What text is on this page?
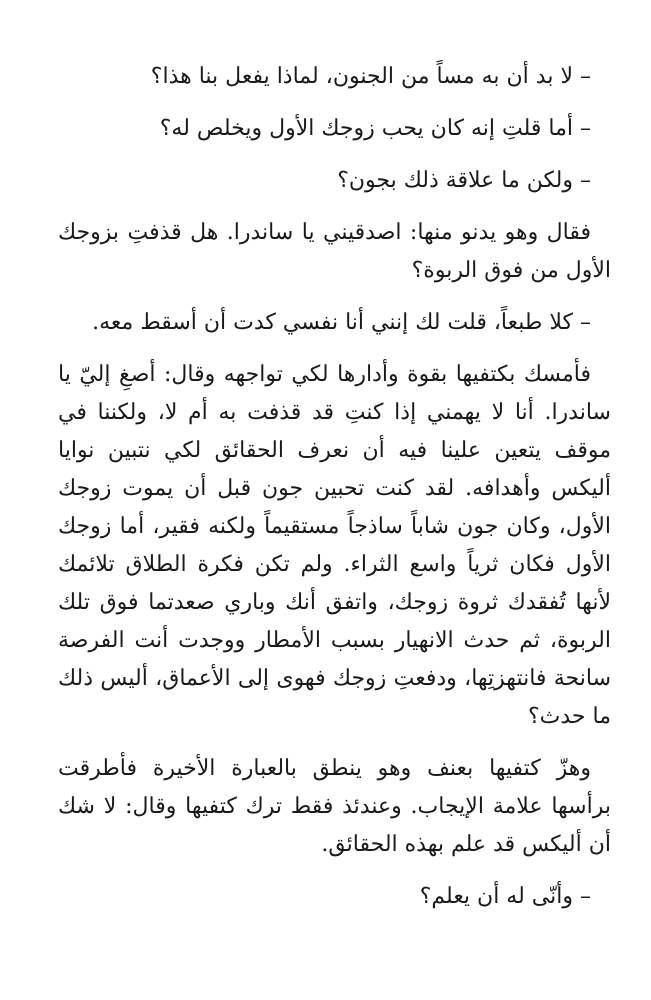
– لا بد أن به مساً من الجنون، لماذا يفعل بنا هذا؟

– أما قلتِ إنه كان يحب زوجك الأول ويخلص له؟

– ولكن ما علاقة ذلك بجون؟

فقال وهو يدنو منها: اصدقيني يا ساندرا. هل قذفتِ بزوجك الأول من فوق الربوة؟

– كلا طبعاً، قلت لك إنني أنا نفسي كدت أن أسقط معه.

فأمسك بكتفيها بقوة وأدارها لكي تواجهه وقال: أصغِ إليّ يا ساندرا. أنا لا يهمني إذا كنتِ قد قذفت به أم لا، ولكننا في موقف يتعين علينا فيه أن نعرف الحقائق لكي نتبين نوايا أليكس وأهدافه. لقد كنت تحبين جون قبل أن يموت زوجك الأول، وكان جون شاباً ساذجاً مستقيماً ولكنه فقير، أما زوجك الأول فكان ثرياً واسع الثراء. ولم تكن فكرة الطلاق تلائمك لأنها تُفقدك ثروة زوجك، واتفق أنك وباري صعدتما فوق تلك الربوة، ثم حدث الانهيار بسبب الأمطار ووجدت أنت الفرصة سانحة فانتهزتِها، ودفعتِ زوجك فهوى إلى الأعماق، أليس ذلك ما حدث؟

وهزّ كتفيها بعنف وهو ينطق بالعبارة الأخيرة فأطرقت برأسها علامة الإيجاب. وعندئذ فقط ترك كتفيها وقال: لا شك أن أليكس قد علم بهذه الحقائق.

– وأنّى له أن يعلم؟
